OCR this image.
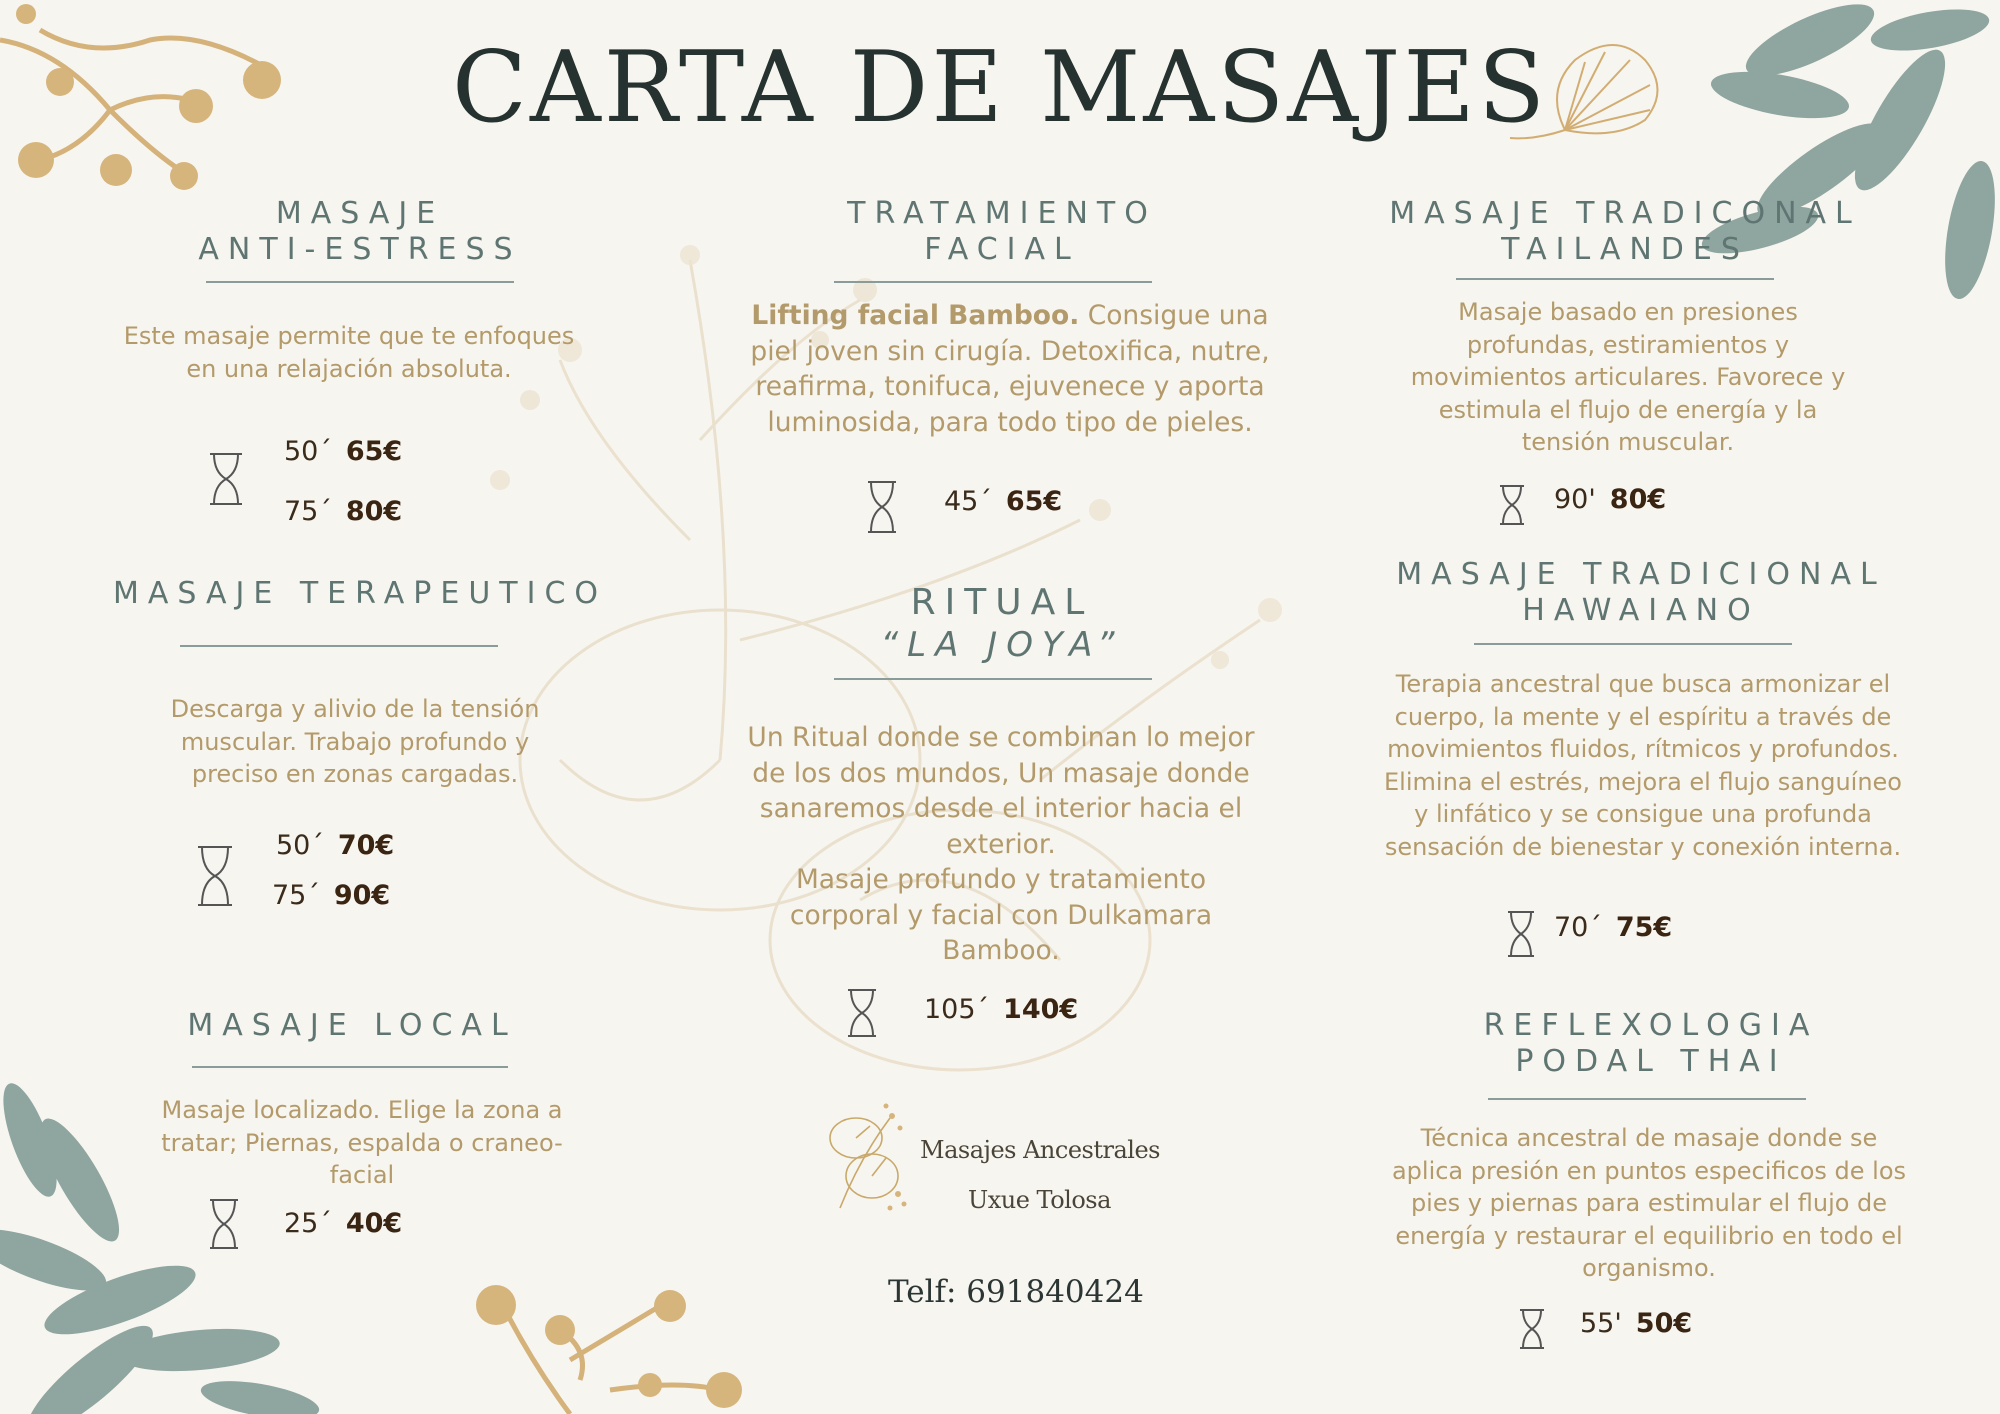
CARTA DE MASAJES
MASAJE
ANTI-ESTRESS
Este masaje permite que te enfoques en una relajación absoluta.
50´ 65€
75´ 80€
MASAJE TERAPEUTICO
Descarga y alivio de la tensión muscular. Trabajo profundo y preciso en zonas cargadas.
50´ 70€
75´ 90€
MASAJE LOCAL
Masaje localizado. Elige la zona a tratar; Piernas, espalda o craneo-facial
25´ 40€
TRATAMIENTO
FACIAL
Lifting facial Bamboo. Consigue una piel joven sin cirugía. Detoxifica, nutre, reafirma, tonifuca, ejuvenece y aporta luminosida, para todo tipo de pieles.
45´ 65€
RITUAL
“LA JOYA”
Un Ritual donde se combinan lo mejor de los dos mundos, Un masaje donde sanaremos desde el interior hacia el exterior.
Masaje profundo y tratamiento corporal y facial con Dulkamara Bamboo.
105´ 140€
Masajes Ancestrales
Uxue Tolosa
Telf: 691840424
MASAJE TRADICONAL
TAILANDES
Masaje basado en presiones profundas, estiramientos y movimientos articulares. Favorece y estimula el flujo de energía y la tensión muscular.
90' 80€
MASAJE TRADICIONAL
HAWAIANO
Terapia ancestral que busca armonizar el cuerpo, la mente y el espíritu a través de movimientos fluidos, rítmicos y profundos. Elimina el estrés, mejora el flujo sanguíneo y linfático y se consigue una profunda sensación de bienestar y conexión interna.
70´ 75€
REFLEXOLOGIA
PODAL THAI
Técnica ancestral de masaje donde se aplica presión en puntos especificos de los pies y piernas para estimular el flujo de energía y restaurar el equilibrio en todo el organismo.
55' 50€
